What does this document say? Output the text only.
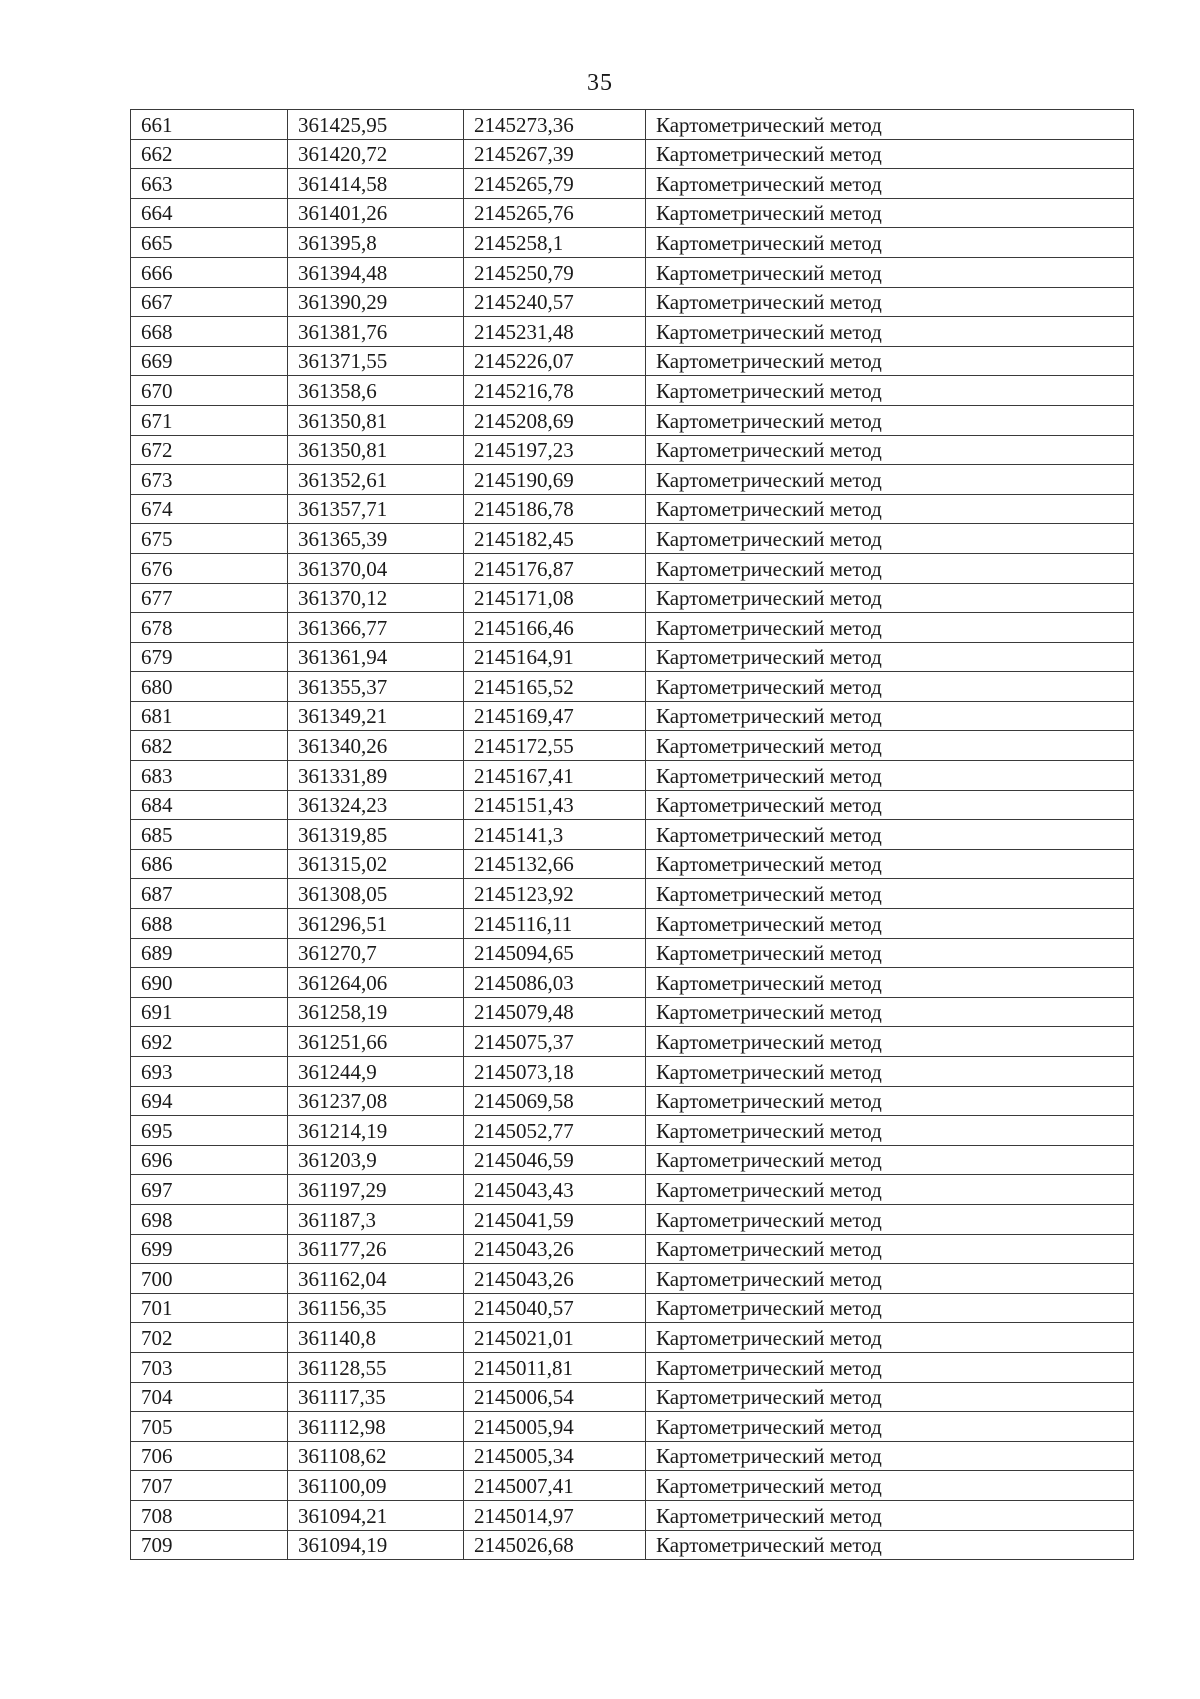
35
661	361425,95	2145273,36	Картометрический метод
662	361420,72	2145267,39	Картометрический метод
663	361414,58	2145265,79	Картометрический метод
664	361401,26	2145265,76	Картометрический метод
665	361395,8	2145258,1	Картометрический метод
666	361394,48	2145250,79	Картометрический метод
667	361390,29	2145240,57	Картометрический метод
668	361381,76	2145231,48	Картометрический метод
669	361371,55	2145226,07	Картометрический метод
670	361358,6	2145216,78	Картометрический метод
671	361350,81	2145208,69	Картометрический метод
672	361350,81	2145197,23	Картометрический метод
673	361352,61	2145190,69	Картометрический метод
674	361357,71	2145186,78	Картометрический метод
675	361365,39	2145182,45	Картометрический метод
676	361370,04	2145176,87	Картометрический метод
677	361370,12	2145171,08	Картометрический метод
678	361366,77	2145166,46	Картометрический метод
679	361361,94	2145164,91	Картометрический метод
680	361355,37	2145165,52	Картометрический метод
681	361349,21	2145169,47	Картометрический метод
682	361340,26	2145172,55	Картометрический метод
683	361331,89	2145167,41	Картометрический метод
684	361324,23	2145151,43	Картометрический метод
685	361319,85	2145141,3	Картометрический метод
686	361315,02	2145132,66	Картометрический метод
687	361308,05	2145123,92	Картометрический метод
688	361296,51	2145116,11	Картометрический метод
689	361270,7	2145094,65	Картометрический метод
690	361264,06	2145086,03	Картометрический метод
691	361258,19	2145079,48	Картометрический метод
692	361251,66	2145075,37	Картометрический метод
693	361244,9	2145073,18	Картометрический метод
694	361237,08	2145069,58	Картометрический метод
695	361214,19	2145052,77	Картометрический метод
696	361203,9	2145046,59	Картометрический метод
697	361197,29	2145043,43	Картометрический метод
698	361187,3	2145041,59	Картометрический метод
699	361177,26	2145043,26	Картометрический метод
700	361162,04	2145043,26	Картометрический метод
701	361156,35	2145040,57	Картометрический метод
702	361140,8	2145021,01	Картометрический метод
703	361128,55	2145011,81	Картометрический метод
704	361117,35	2145006,54	Картометрический метод
705	361112,98	2145005,94	Картометрический метод
706	361108,62	2145005,34	Картометрический метод
707	361100,09	2145007,41	Картометрический метод
708	361094,21	2145014,97	Картометрический метод
709	361094,19	2145026,68	Картометрический метод
